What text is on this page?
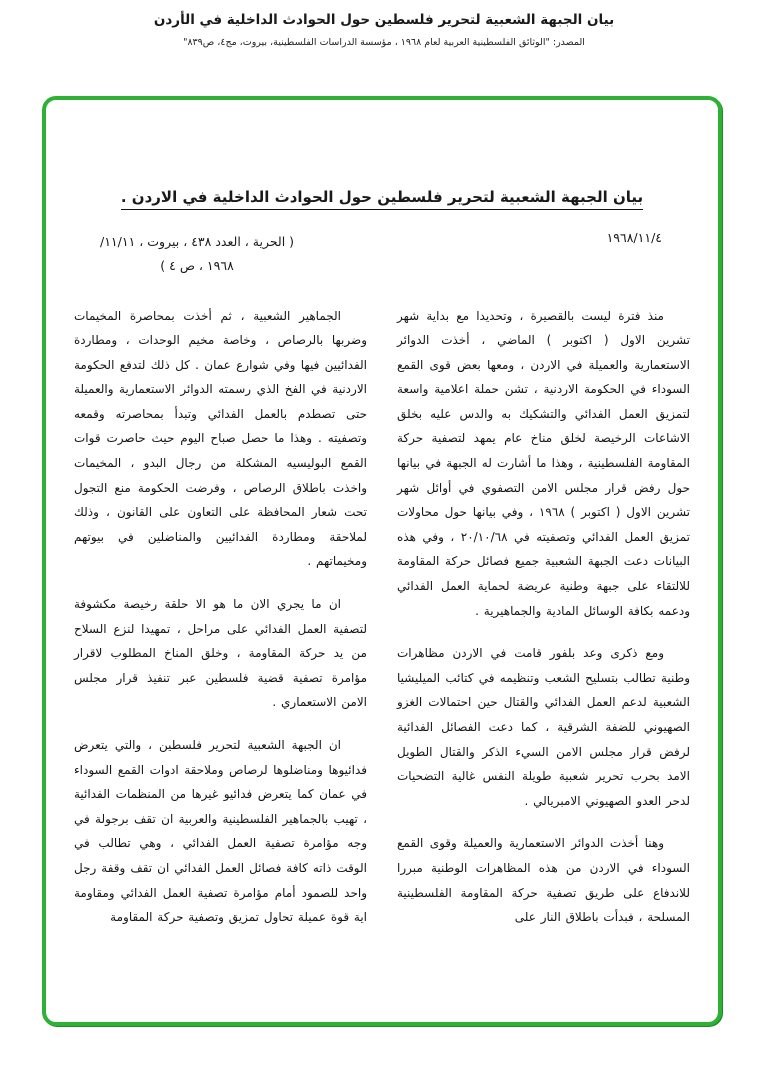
بيان الجبهة الشعبية لتحرير فلسطين حول الحوادث الداخلية في الأردن
المصدر: "الوثائق الفلسطينية العربية لعام ١٩٦٨ ، مؤسسة الدراسات الفلسطينية، بيروت، مج٤، ص٨٣٩"
بيان الجبهة الشعبية لتحرير فلسطين حول الحوادث الداخلية في الاردن .
١٩٦٨/١١/٤
( الحرية ، العدد ٤٣٨ ، بيروت ، ١١/١١/
١٩٦٨ ، ص ٤ )

منذ فترة ليست بالقصيرة ، وتحديدا مع بداية شهر تشرين الاول ( اكتوبر ) الماضي ، أخذت الدوائر الاستعمارية والعميلة في الاردن ، ومعها بعض قوى القمع السوداء في الحكومة الاردنية ، تشن حملة اعلامية واسعة لتمزيق العمل الفدائي والتشكيك به والدس عليه بخلق الاشاعات الرخيصة لخلق مناخ عام يمهد لتصفية حركة المقاومة الفلسطينية ، وهذا ما أشارت له الجبهة في بيانها حول رفض قرار مجلس الامن التصفوي في أوائل شهر تشرين الاول ( اكتوبر ) ١٩٦٨ ، وفي بيانها حول محاولات تمزيق العمل الفدائي وتصفيته في ٢٠/١٠/٦٨ ، وفي هذه البيانات دعت الجبهة الشعبية جميع فصائل حركة المقاومة للالتقاء على جبهة وطنية عريضة لحماية العمل الفدائي ودعمه بكافة الوسائل المادية والجماهيرية .

ومع ذكرى وعد بلفور قامت في الاردن مظاهرات وطنية تطالب بتسليح الشعب وتنظيمه في كتائب الميليشيا الشعبية لدعم العمل الفدائي والقتال حين احتمالات الغزو الصهيوني للضفة الشرقية ، كما دعت الفصائل الفدائية لرفض قرار مجلس الامن السيء الذكر والقتال الطويل الامد بحرب تحرير شعبية طويلة النفس غالية التضحيات لدحر العدو الصهيوني الامبريالي .

وهنا أخذت الدوائر الاستعمارية والعميلة وقوى القمع السوداء في الاردن من هذه المظاهرات الوطنية مبررا للاندفاع على طريق تصفية حركة المقاومة الفلسطينية المسلحة ، فبدأت باطلاق النار على

الجماهير الشعبية ، ثم أخذت بمحاصرة المخيمات وضربها بالرصاص ، وخاصة مخيم الوحدات ، ومطاردة الفدائيين فيها وفي شوارع عمان . كل ذلك لتدفع الحكومة الاردنية في الفخ الذي رسمته الدوائر الاستعمارية والعميلة حتى تصطدم بالعمل الفدائي وتبدأ بمحاصرته وقمعه وتصفيته . وهذا ما حصل صباح اليوم حيث حاصرت قوات القمع البوليسيه المشكلة من رجال البدو ، المخيمات واخذت باطلاق الرصاص ، وفرضت الحكومة منع التجول تحت شعار المحافظة على التعاون على القانون ، وذلك لملاحقة ومطاردة الفدائيين والمناضلين في بيوتهم ومخيماتهم .

ان ما يجري الان ما هو الا حلقة رخيصة مكشوفة لتصفية العمل الفدائي على مراحل ، تمهيدا لنزع السلاح من يد حركة المقاومة ، وخلق المناخ المطلوب لاقرار مؤامرة تصفية قضية فلسطين عبر تنفيذ قرار مجلس الامن الاستعماري .

ان الجبهة الشعبية لتحرير فلسطين ، والتي يتعرض فدائيوها ومناضلوها لرصاص وملاحقة ادوات القمع السوداء في عمان كما يتعرض فدائيو غيرها من المنظمات الفدائية ، تهيب بالجماهير الفلسطينية والعربية ان تقف برجولة في وجه مؤامرة تصفية العمل الفدائي ، وهي تطالب في الوقت ذاته كافة فصائل العمل الفدائي ان تقف وقفة رجل واحد للصمود أمام مؤامرة تصفية العمل الفدائي ومقاومة اية قوة عميلة تحاول تمزيق وتصفية حركة المقاومة
